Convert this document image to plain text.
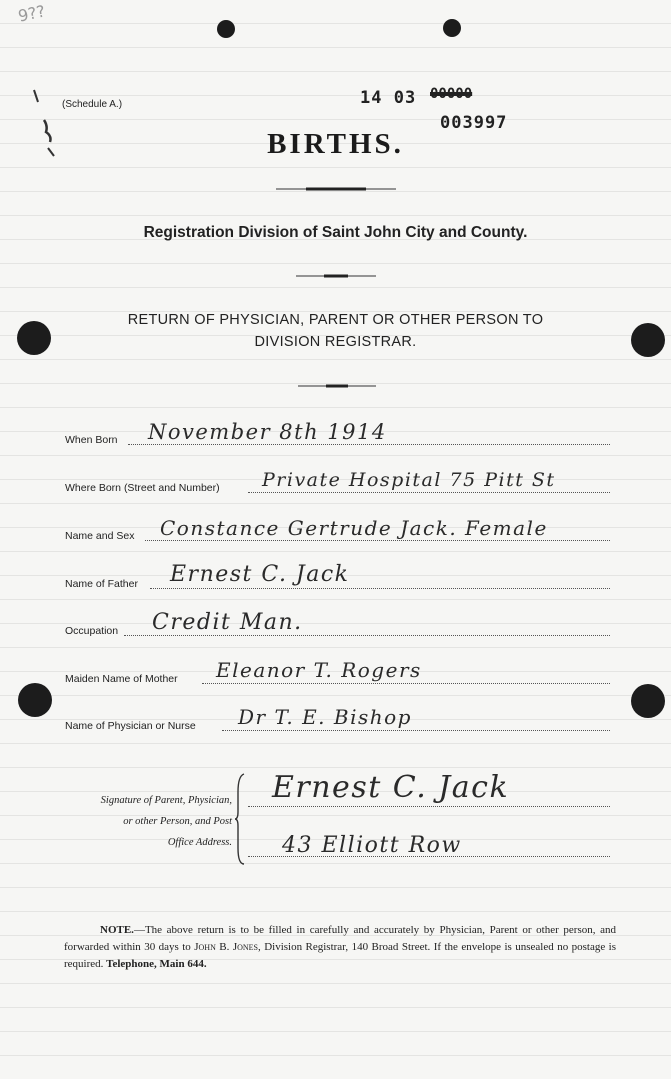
9??
(Schedule A.)	14 03 00000
003997
BIRTHS.
Registration Division of Saint John City and County.
RETURN OF PHYSICIAN, PARENT OR OTHER PERSON TO
DIVISION REGISTRAR.
When Born November 8th 1914
Where Born (Street and Number) Private Hospital 75 Pitt St
Name and Sex Constance Gertrude Jack. Female
Name of Father Ernest C. Jack
Occupation Credit Man.
Maiden Name of Mother Eleanor T. Rogers
Name of Physician or Nurse Dr T. E. Bishop
Signature of Parent, Physician,
or other Person, and Post
Office Address.
Ernest C. Jack
43 Elliott Row
NOTE.—The above return is to be filled in carefully and accurately by Physician, Parent or other person, and forwarded within 30 days to John B. Jones, Division Registrar, 140 Broad Street. If the envelope is unsealed no postage is required. Telephone, Main 644.
